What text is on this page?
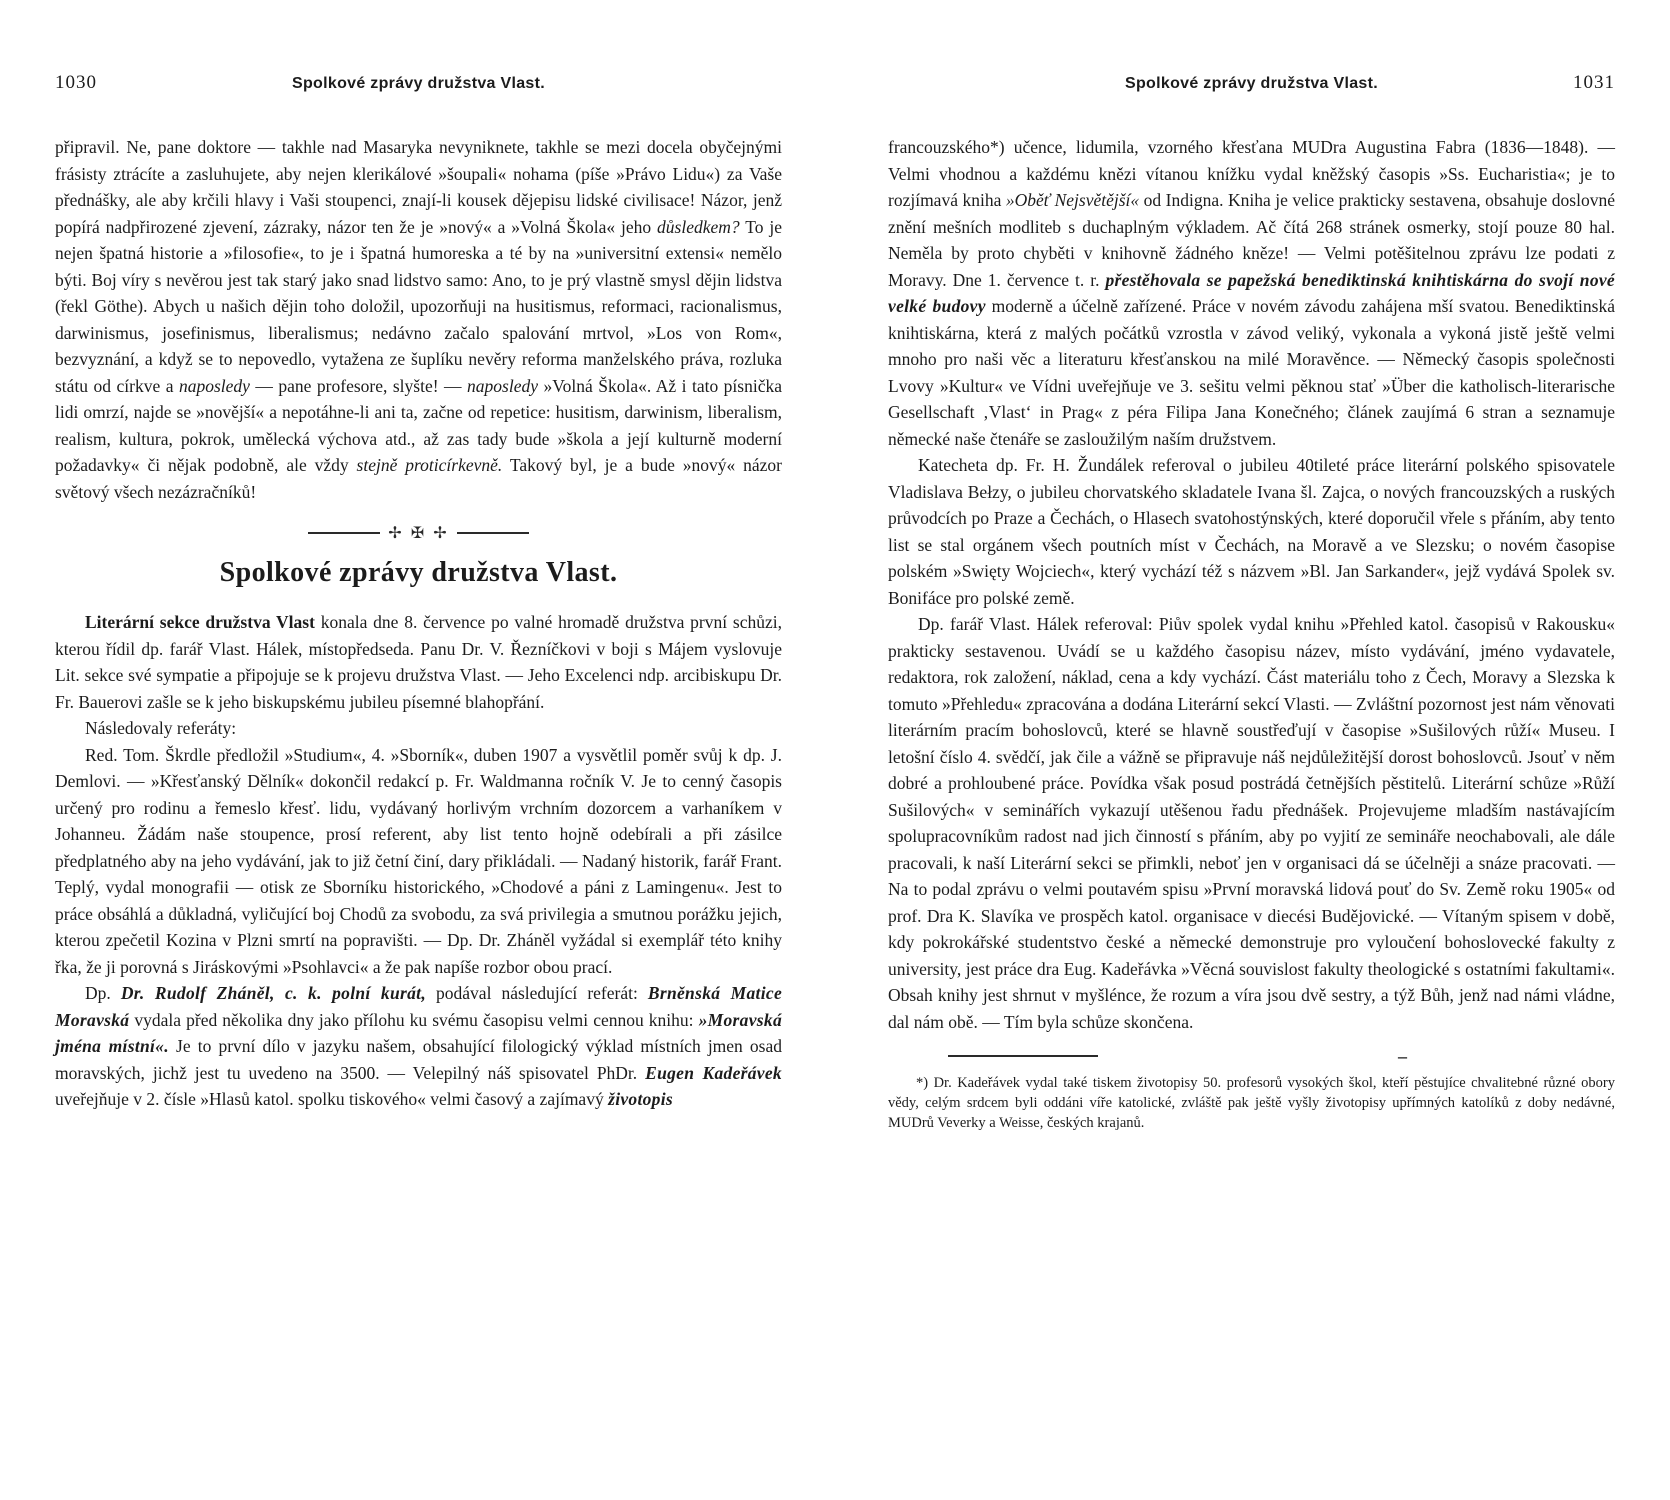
1030	Spolkové zprávy družstva Vlast.

připravil. Ne, pane doktore — takhle nad Masaryka nevyniknete, takhle se mezi docela obyčejnými frásisty ztrácíte a zasluhujete, aby nejen klerikálové »šoupali« nohama (píše »Právo Lidu«) za Vaše přednášky, ale aby krčili hlavy i Vaši stoupenci, znají-li kousek dějepisu lidské civilisace! Názor, jenž popírá nadpřirozené zjevení, zázraky, názor ten že je »nový« a »Volná Škola« jeho důsledkem? To je nejen špatná historie a »filosofie«, to je i špatná humoreska a té by na »universitní extensi« nemělo býti. Boj víry s nevěrou jest tak starý jako snad lidstvo samo: Ano, to je prý vlastně smysl dějin lidstva (řekl Göthe). Abych u našich dějin toho doložil, upozorňuji na husitismus, reformaci, racionalismus, darwinismus, josefinismus, liberalismus; nedávno začalo spalování mrtvol, »Los von Rom«, bezvyznání, a když se to nepovedlo, vytažena ze šuplíku nevěry reforma manželského práva, rozluka státu od církve a naposledy — pane profesore, slyšte! — naposledy »Volná Škola«. Až i tato písnička lidi omrzí, najde se »novější« a nepotáhne-li ani ta, začne od repetice: husitism, darwinism, liberalism, realism, kultura, pokrok, umělecká výchova atd., až zas tady bude »škola a její kulturně moderní požadavky« či nějak podobně, ale vždy stejně proticírkevně. Takový byl, je a bude »nový« názor světový všech nezázračníků!

✢ ✠ ✢
Spolkové zprávy družstva Vlast.

Literární sekce družstva Vlast konala dne 8. července po valné hromadě družstva první schůzi, kterou řídil dp. farář Vlast. Hálek, místopředseda. Panu Dr. V. Řezníčkovi v boji s Májem vyslovuje Lit. sekce své sympatie a připojuje se k projevu družstva Vlast. — Jeho Excelenci ndp. arcibiskupu Dr. Fr. Bauerovi zašle se k jeho biskupskému jubileu písemné blahopřání.

Následovaly referáty:

Red. Tom. Škrdle předložil »Studium«, 4. »Sborník«, duben 1907 a vysvětlil poměr svůj k dp. J. Demlovi. — »Křesťanský Dělník« dokončil redakcí p. Fr. Waldmanna ročník V. Je to cenný časopis určený pro rodinu a řemeslo křesť. lidu, vydávaný horlivým vrchním dozorcem a varhaníkem v Johanneu. Žádám naše stoupence, prosí referent, aby list tento hojně odebírali a při zásilce předplatného aby na jeho vydávání, jak to již četní činí, dary přikládali. — Nadaný historik, farář Frant. Teplý, vydal monografii — otisk ze Sborníku historického, »Chodové a páni z Lamingenu«. Jest to práce obsáhlá a důkladná, vyličující boj Chodů za svobodu, za svá privilegia a smutnou porážku jejich, kterou zpečetil Kozina v Plzni smrtí na popravišti. — Dp. Dr. Zháněl vyžádal si exemplář této knihy řka, že ji porovná s Jiráskovými »Psohlavci« a že pak napíše rozbor obou prací.

Dp. Dr. Rudolf Zháněl, c. k. polní kurát, podával následující referát: Brněnská Matice Moravská vydala před několika dny jako přílohu ku svému časopisu velmi cennou knihu: »Moravská jména místní«. Je to první dílo v jazyku našem, obsahující filologický výklad místních jmen osad moravských, jichž jest tu uvedeno na 3500. — Velepilný náš spisovatel PhDr. Eugen Kadeřávek uveřejňuje v 2. čísle »Hlasů katol. spolku tiskového« velmi časový a zajímavý životopis

Spolkové zprávy družstva Vlast.	1031

francouzského*) učence, lidumila, vzorného křesťana MUDra Augustina Fabra (1836—1848). — Velmi vhodnou a každému knězi vítanou knížku vydal kněžský časopis »Ss. Eucharistia«; je to rozjímavá kniha »Oběť Nejsvětější« od Indigna. Kniha je velice prakticky sestavena, obsahuje doslovné znění mešních modliteb s duchaplným výkladem. Ač čítá 268 stránek osmerky, stojí pouze 80 hal. Neměla by proto chyběti v knihovně žádného kněze! — Velmi potěšitelnou zprávu lze podati z Moravy. Dne 1. července t. r. přestěhovala se papežská benediktinská knihtiskárna do svojí nové velké budovy moderně a účelně zařízené. Práce v novém závodu zahájena mší svatou. Benediktinská knihtiskárna, která z malých počátků vzrostla v závod veliký, vykonala a vykoná jistě ještě velmi mnoho pro naši věc a literaturu křesťanskou na milé Moravěnce. — Německý časopis společnosti Lvovy »Kultur« ve Vídni uveřejňuje ve 3. sešitu velmi pěknou stať »Über die katholisch-literarische Gesellschaft ‚Vlast‘ in Prag« z péra Filipa Jana Konečného; článek zaujímá 6 stran a seznamuje německé naše čtenáře se zasloužilým naším družstvem.

Katecheta dp. Fr. H. Žundálek referoval o jubileu 40tileté práce literární polského spisovatele Vladislava Bełzy, o jubileu chorvatského skladatele Ivana šl. Zajca, o nových francouzských a ruských průvodcích po Praze a Čechách, o Hlasech svatohostýnských, které doporučil vřele s přáním, aby tento list se stal orgánem všech poutních míst v Čechách, na Moravě a ve Slezsku; o novém časopise polském »Swięty Wojciech«, který vychází též s názvem »Bl. Jan Sarkander«, jejž vydává Spolek sv. Bonifáce pro polské země.

Dp. farář Vlast. Hálek referoval: Piův spolek vydal knihu »Přehled katol. časopisů v Rakousku« prakticky sestavenou. Uvádí se u každého časopisu název, místo vydávání, jméno vydavatele, redaktora, rok založení, náklad, cena a kdy vychází. Část materiálu toho z Čech, Moravy a Slezska k tomuto »Přehledu« zpracována a dodána Literární sekcí Vlasti. — Zvláštní pozornost jest nám věnovati literárním pracím bohoslovců, které se hlavně soustřeďují v časopise »Sušilových růží« Museu. I letošní číslo 4. svědčí, jak čile a vážně se připravuje náš nejdůležitější dorost bohoslovců. Jsouť v něm dobré a prohloubené práce. Povídka však posud postrádá četnějších pěstitelů. Literární schůze »Růží Sušilových« v seminářích vykazují utěšenou řadu přednášek. Projevujeme mladším nastávajícím spolupracovníkům radost nad jich činností s přáním, aby po vyjití ze semináře neochabovali, ale dále pracovali, k naší Literární sekci se přimkli, neboť jen v organisaci dá se účelněji a snáze pracovati. — Na to podal zprávu o velmi poutavém spisu »První moravská lidová pouť do Sv. Země roku 1905« od prof. Dra K. Slavíka ve prospěch katol. organisace v diecési Budějovické. — Vítaným spisem v době, kdy pokrokářské studentstvo české a německé demonstruje pro vyloučení bohoslovecké fakulty z university, jest práce dra Eug. Kadeřávka »Věcná souvislost fakulty theologické s ostatními fakultami«. Obsah knihy jest shrnut v myšlénce, že rozum a víra jsou dvě sestry, a týž Bůh, jenž nad námi vládne, dal nám obě. — Tím byla schůze skončena.

–

*) Dr. Kadeřávek vydal také tiskem životopisy 50. profesorů vysokých škol, kteří pěstujíce chvalitebné různé obory vědy, celým srdcem byli oddáni víře katolické, zvláště pak ještě vyšly životopisy upřímných katolíků z doby nedávné, MUDrů Veverky a Weisse, českých krajanů.
